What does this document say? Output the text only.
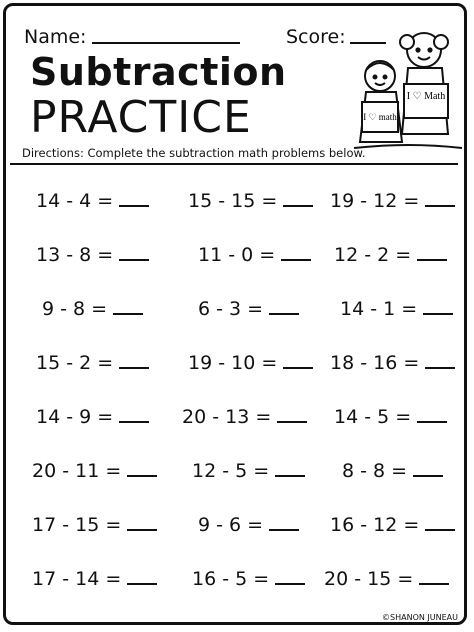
Name:	Score:
Subtraction
PRACTICE	I ♡ Math
I ♡ math
Directions: Complete the subtraction math problems below.
14 - 4 =	15 - 15 =	19 - 12 =
13 - 8 =	11 - 0 =	12 - 2 =
9 - 8 =	6 - 3 =	14 - 1 =
15 - 2 =	19 - 10 =	18 - 16 =
14 - 9 =	20 - 13 =	14 - 5 =
20 - 11 =	12 - 5 =	8 - 8 =
17 - 15 =	9 - 6 =	16 - 12 =
17 - 14 =	16 - 5 =	20 - 15 =
©SHANON JUNEAU
